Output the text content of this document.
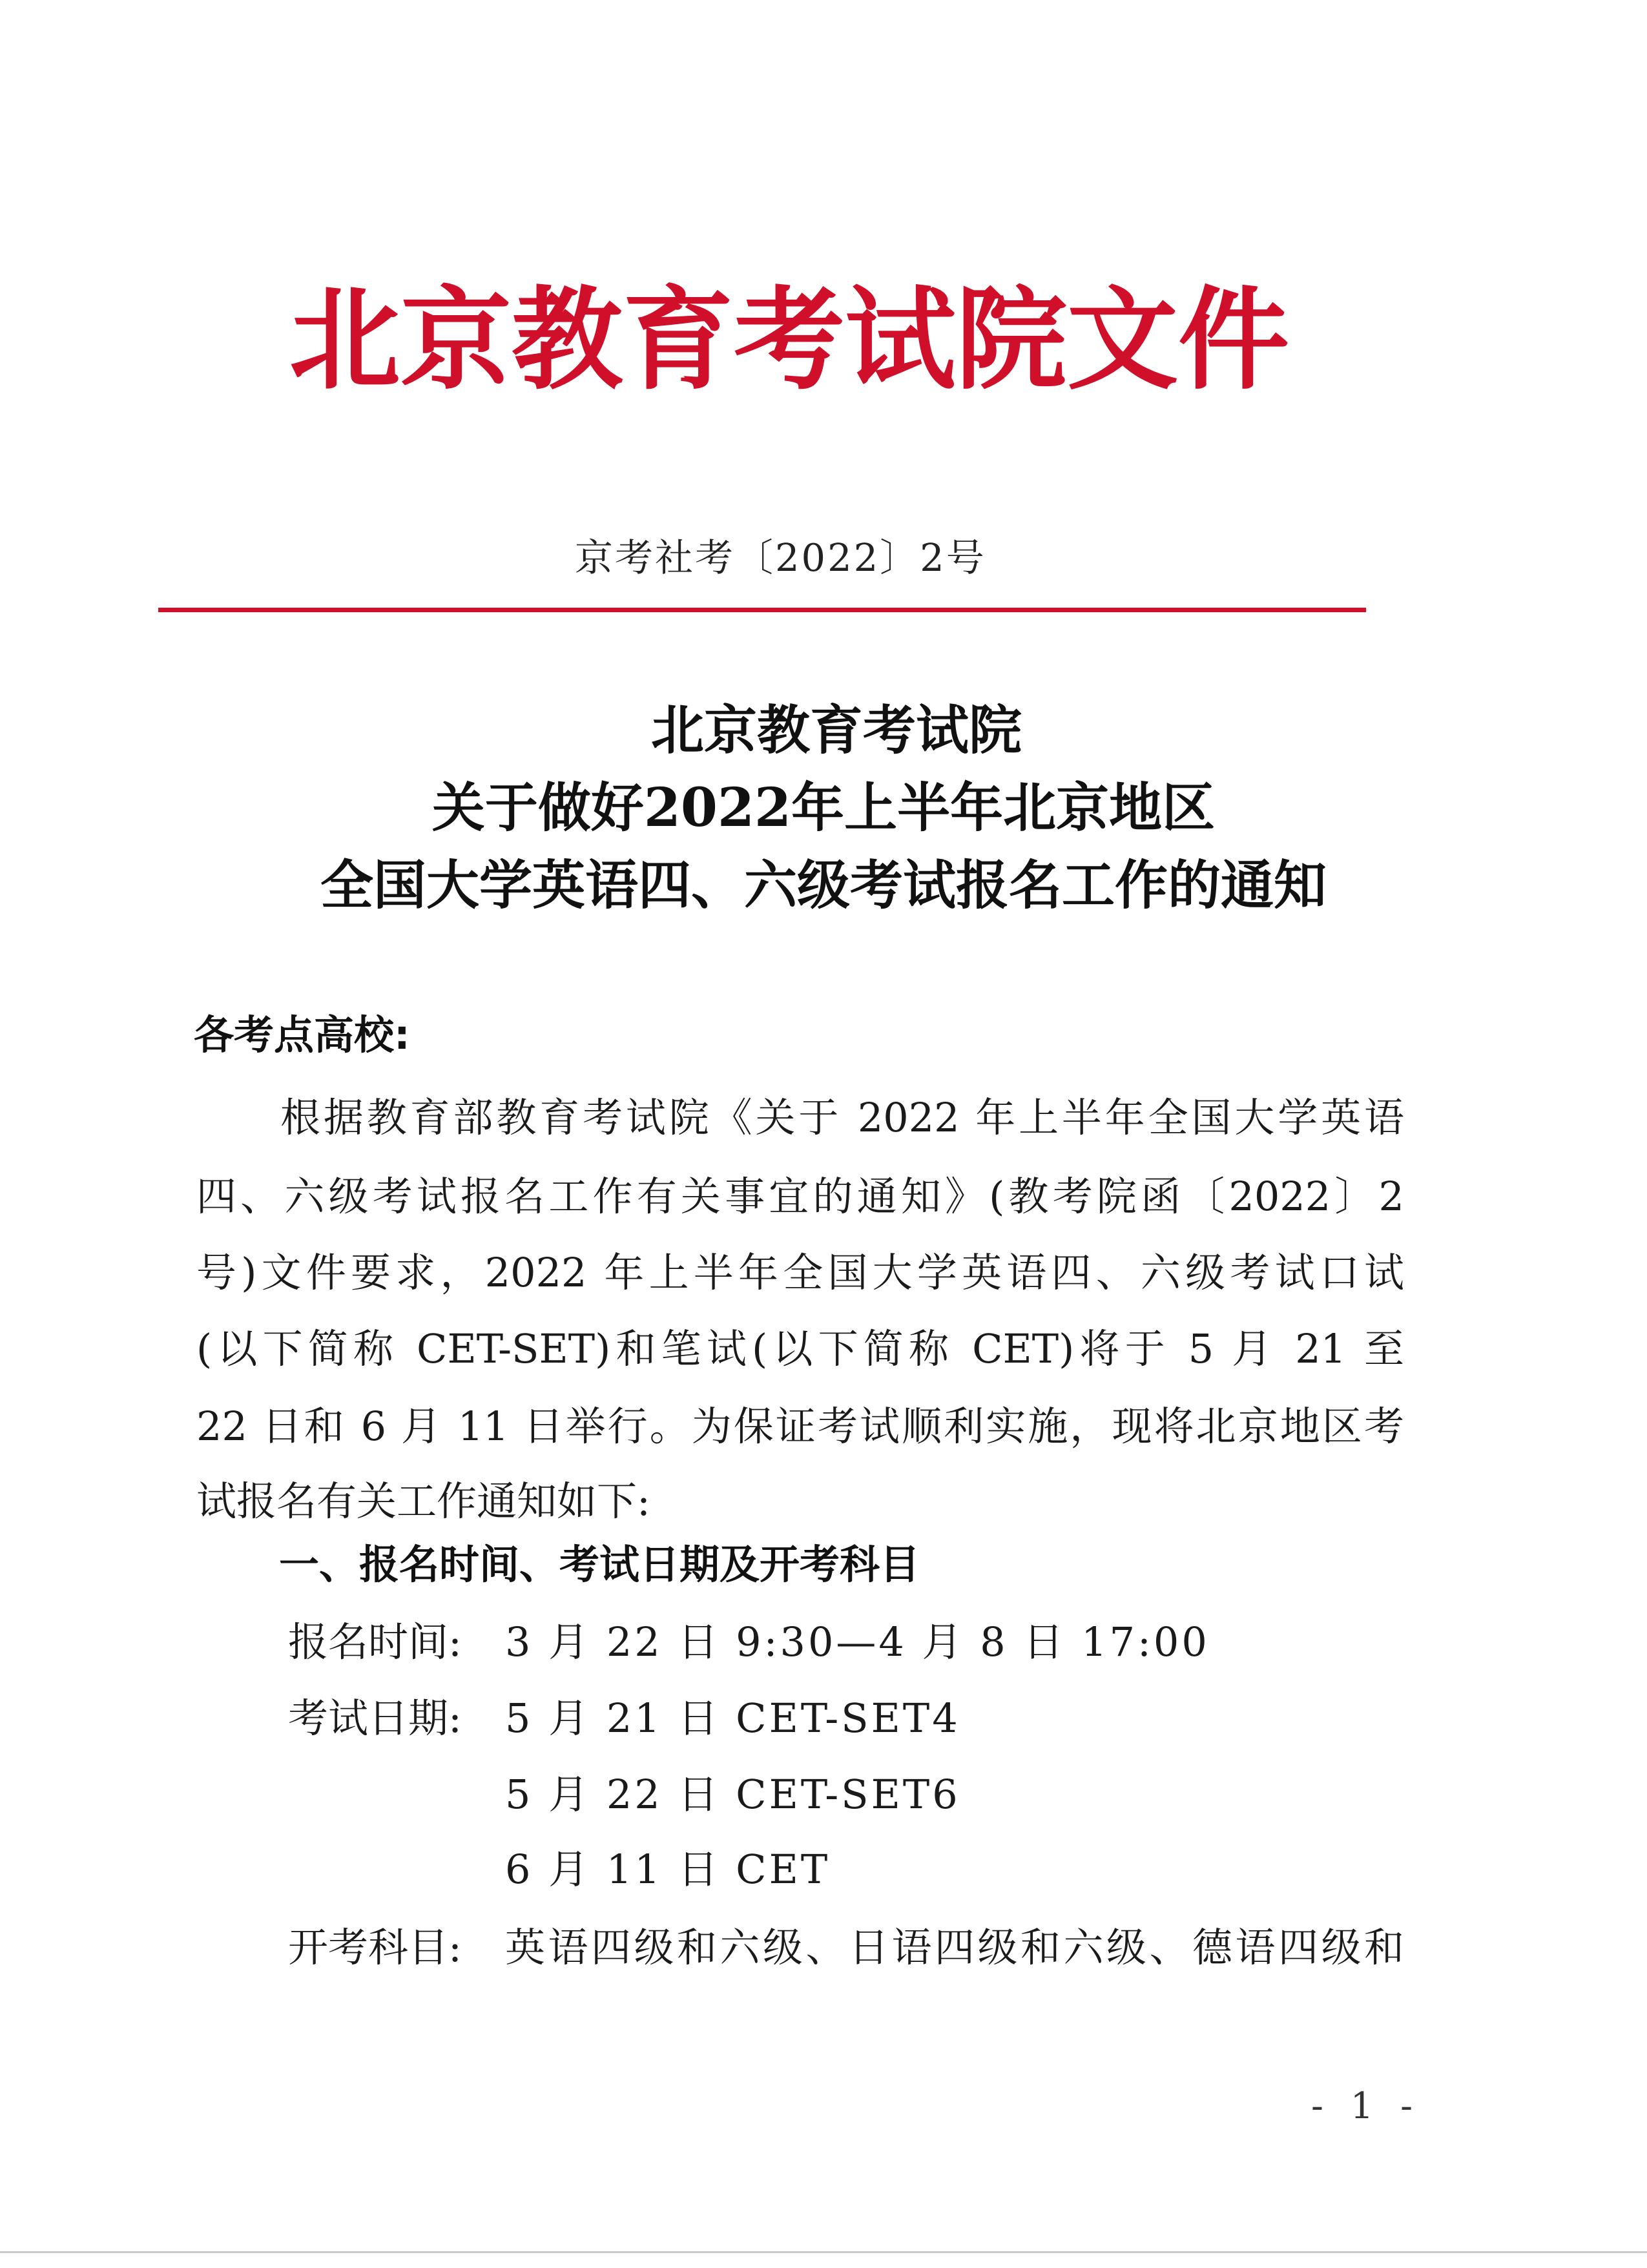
北京教育考试院文件
京考社考〔2022〕2号
北京教育考试院
关于做好2022年上半年北京地区
全国大学英语四、六级考试报名工作的通知
各考点高校:
根据教育部教育考试院《关于 2022 年上半年全国大学英语
四、六级考试报名工作有关事宜的通知》(教考院函〔2022〕2
号)文件要求，2022 年上半年全国大学英语四、六级考试口试
(以下简称 CET-SET)和笔试(以下简称 CET)将于 5 月 21 至
22 日和 6 月 11 日举行。为保证考试顺利实施，现将北京地区考
试报名有关工作通知如下:
一、报名时间、考试日期及开考科目
报名时间: 3 月 22 日 9:30—4 月 8 日 17:00
考试日期: 5 月 21 日 CET-SET4
5 月 22 日 CET-SET6
6 月 11 日 CET
开考科目: 英语四级和六级、日语四级和六级、德语四级和
- 1 -
